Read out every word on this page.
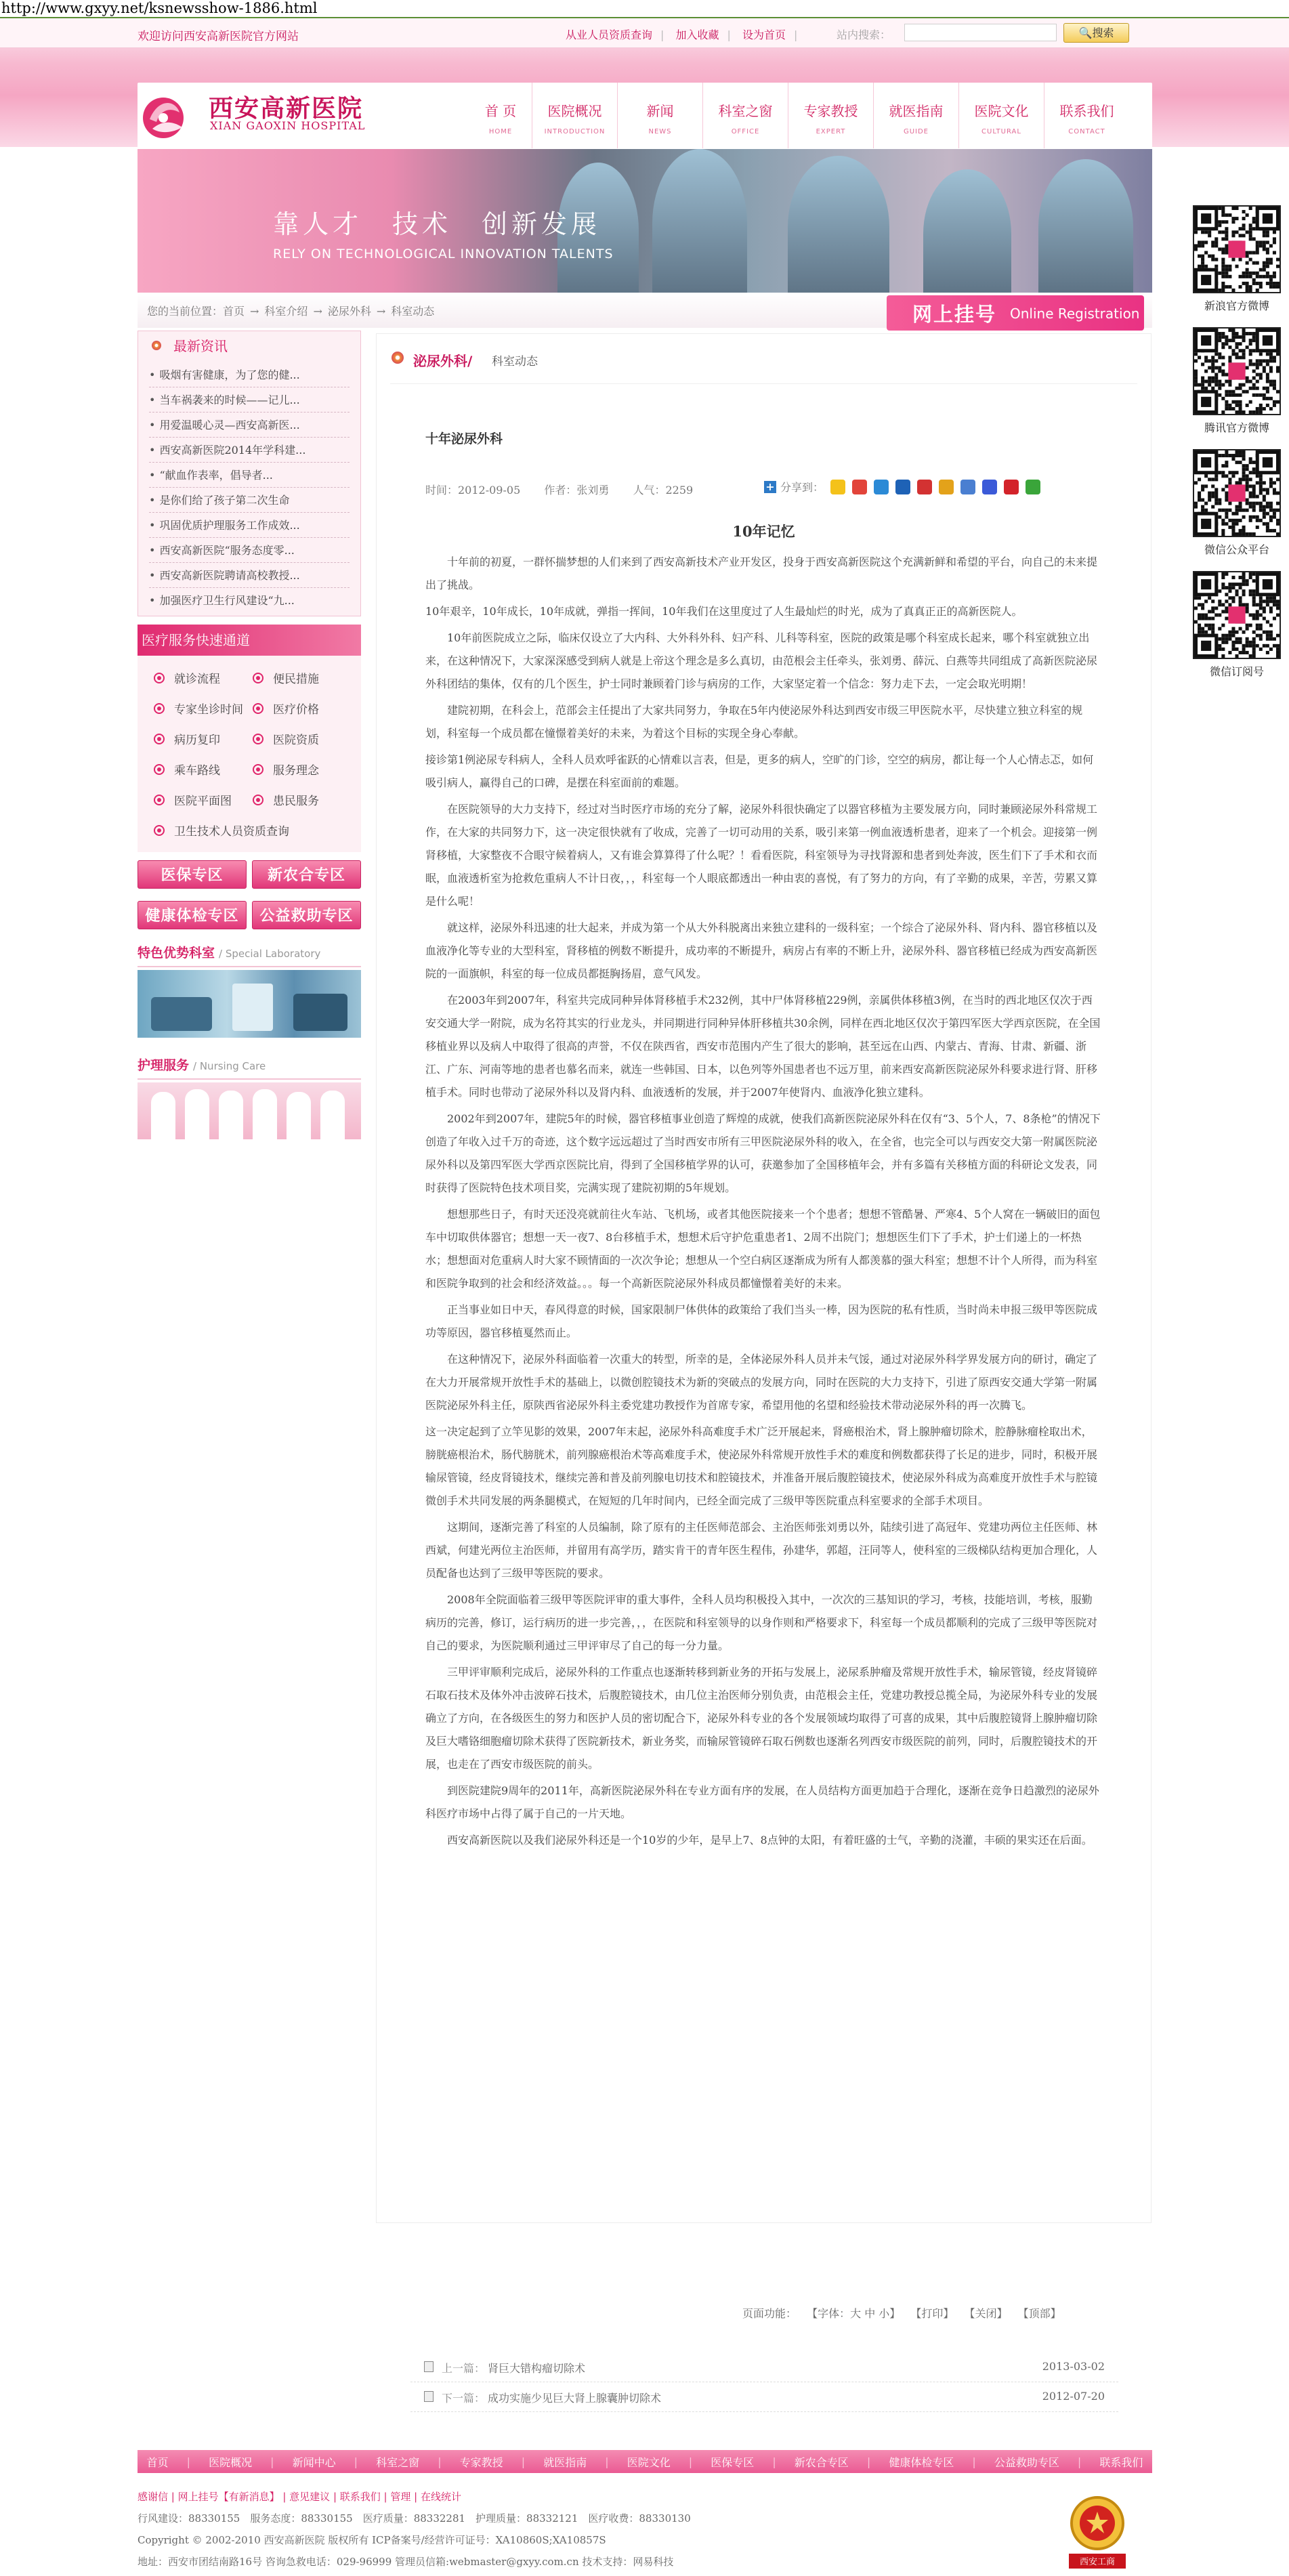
http://www.gxyy.net/ksnewsshow-1886.html
欢迎访问西安高新医院官方网站	从业人员资质查询 | 加入收藏 | 设为首页 |	站内搜索：	🔍搜索
西安高新医院
XIAN GAOXIN HOSPITAL
首 页
HOME
医院概况
INTRODUCTION
新闻
NEWS
科室之窗
OFFICE
专家教授
EXPERT
就医指南
GUIDE
医院文化
CULTURAL
联系我们
CONTACT
靠人才　技术　创新发展
RELY ON TECHNOLOGICAL INNOVATION TALENTS
您的当前位置：首页 → 科室介绍 → 泌尿外科 → 科室动态	网上挂号 Online Registration
最新资讯
• 吸烟有害健康，为了您的健...
• 当车祸袭来的时候——记儿...
• 用爱温暖心灵—西安高新医...
• 西安高新医院2014年学科建...
• “献血作表率，倡导者...
• 是你们给了孩子第二次生命
• 巩固优质护理服务工作成效...
• 西安高新医院“服务态度零...
• 西安高新医院聘请高校教授...
• 加强医疗卫生行风建设“九...
医疗服务快速通道
就诊流程	便民措施
专家坐诊时间	医疗价格
病历复印	医院资质
乘车路线	服务理念
医院平面图	患民服务
卫生技术人员资质查询
医保专区	新农合专区
健康体检专区	公益救助专区
特色优势科室 / Special Laboratory
护理服务 / Nursing Care
泌尿外科/ 科室动态
十年泌尿外科
时间：2012-09-05 作者：张刘勇 人气：2259	+ 分享到：
10年记忆

十年前的初夏，一群怀揣梦想的人们来到了西安高新技术产业开发区，投身于西安高新医院这个充满新鲜和希望的平台，向自己的未来提出了挑战。

10年艰辛，10年成长，10年成就，弹指一挥间，10年我们在这里度过了人生最灿烂的时光，成为了真真正正的高新医院人。

10年前医院成立之际，临床仅设立了大内科、大外科外科、妇产科、儿科等科室，医院的政策是哪个科室成长起来，哪个科室就独立出来，在这种情况下，大家深深感受到病人就是上帝这个理念是多么真切，由范根会主任牵头，张刘勇、薛沅、白燕等共同组成了高新医院泌尿外科团结的集体，仅有的几个医生，护士同时兼顾着门诊与病房的工作，大家坚定着一个信念：努力走下去，一定会取光明期！

建院初期，在科会上，范部会主任提出了大家共同努力，争取在5年内使泌尿外科达到西安市级三甲医院水平，尽快建立独立科室的规划，科室每一个成员都在憧憬着美好的未来，为着这个目标的实现全身心奉献。

接诊第1例泌尿专科病人，全科人员欢呼雀跃的心情难以言表，但是，更多的病人，空旷的门诊，空空的病房，都让每一个人心情忐忑，如何吸引病人，赢得自己的口碑，是摆在科室面前的难题。

在医院领导的大力支持下，经过对当时医疗市场的充分了解，泌尿外科很快确定了以器官移植为主要发展方向，同时兼顾泌尿外科常规工作，在大家的共同努力下，这一决定很快就有了收成，完善了一切可动用的关系，吸引来第一例血液透析患者，迎来了一个机会。迎接第一例肾移植，大家整夜不合眼守候着病人，又有谁会算算得了什么呢？！看看医院，科室领导为寻找肾源和患者到处奔波，医生们下了手术和衣而眠，血液透析室为抢救危重病人不计日夜，，，科室每一个人眼底都透出一种由衷的喜悦，有了努力的方向，有了辛勤的成果，辛苦，劳累又算是什么呢！

就这样，泌尿外科迅速的壮大起来，并成为第一个从大外科脱离出来独立建科的一级科室；一个综合了泌尿外科、肾内科、器官移植以及血液净化等专业的大型科室，肾移植的例数不断提升，成功率的不断提升，病房占有率的不断上升，泌尿外科、器官移植已经成为西安高新医院的一面旗帜，科室的每一位成员都挺胸扬眉，意气风发。

在2003年到2007年，科室共完成同种异体肾移植手术232例，其中尸体肾移植229例，亲属供体移植3例，在当时的西北地区仅次于西安交通大学一附院，成为名符其实的行业龙头，并同期进行同种异体肝移植共30余例，同样在西北地区仅次于第四军医大学西京医院，在全国移植业界以及病人中取得了很高的声誉，不仅在陕西省，西安市范围内产生了很大的影响，甚至远在山西、内蒙古、青海、甘肃、新疆、浙江、广东、河南等地的患者也慕名而来，就连一些韩国、日本，以色列等外国患者也不远万里，前来西安高新医院泌尿外科要求进行肾、肝移植手术。同时也带动了泌尿外科以及肾内科、血液透析的发展，并于2007年使肾内、血液净化独立建科。

2002年到2007年，建院5年的时候，器官移植事业创造了辉煌的成就，使我们高新医院泌尿外科在仅有“3、5个人，7、8条枪”的情况下创造了年收入过千万的奇迹，这个数字远远超过了当时西安市所有三甲医院泌尿外科的收入，在全省，也完全可以与西安交大第一附属医院泌尿外科以及第四军医大学西京医院比肩，得到了全国移植学界的认可，获邀参加了全国移植年会，并有多篇有关移植方面的科研论文发表，同时获得了医院特色技术项目奖，完满实现了建院初期的5年规划。

想想那些日子，有时天还没亮就前往火车站、飞机场，或者其他医院接来一个个患者；想想不管酷暑、严寒4、5个人窝在一辆破旧的面包车中切取供体器官；想想一天一夜7、8台移植手术，想想术后守护危重患者1、2周不出院门；想想医生们下了手术，护士们递上的一杯热水；想想面对危重病人时大家不顾情面的一次次争论；想想从一个空白病区逐渐成为所有人都羡慕的强大科室；想想不计个人所得，而为科室和医院争取到的社会和经济效益。。。每一个高新医院泌尿外科成员都憧憬着美好的未来。

正当事业如日中天，春风得意的时候，国家限制尸体供体的政策给了我们当头一棒，因为医院的私有性质，当时尚未申报三级甲等医院成功等原因，器官移植戛然而止。

在这种情况下，泌尿外科面临着一次重大的转型，所幸的是，全体泌尿外科人员并未气馁，通过对泌尿外科学界发展方向的研讨，确定了在大力开展常规开放性手术的基础上，以微创腔镜技术为新的突破点的发展方向，同时在医院的大力支持下，引进了原西安交通大学第一附属医院泌尿外科主任，原陕西省泌尿外科主委党建功教授作为首席专家，希望用他的名望和经验技术带动泌尿外科的再一次腾飞。

这一决定起到了立竿见影的效果，2007年末起，泌尿外科高难度手术广泛开展起来，肾癌根治术，肾上腺肿瘤切除术，腔静脉瘤栓取出术，膀胱癌根治术，肠代膀胱术，前列腺癌根治术等高难度手术，使泌尿外科常规开放性手术的难度和例数都获得了长足的进步，同时，积极开展输尿管镜，经皮肾镜技术，继续完善和普及前列腺电切技术和腔镜技术，并准备开展后腹腔镜技术，使泌尿外科成为高难度开放性手术与腔镜微创手术共同发展的两条腿模式，在短短的几年时间内，已经全面完成了三级甲等医院重点科室要求的全部手术项目。

这期间，逐渐完善了科室的人员编制，除了原有的主任医师范部会、主治医师张刘勇以外，陆续引进了高冠年、党建功两位主任医师、林西斌，何建光两位主治医师，并留用有高学历，踏实肯干的青年医生程伟，孙建华，郭超，汪同等人，使科室的三级梯队结构更加合理化，人员配备也达到了三级甲等医院的要求。

2008年全院面临着三级甲等医院评审的重大事件，全科人员均积极投入其中，一次次的三基知识的学习，考核，技能培训，考核，服勤病历的完善，修订，运行病历的进一步完善，，，在医院和科室领导的以身作则和严格要求下，科室每一个成员都顺利的完成了三级甲等医院对自己的要求，为医院顺利通过三甲评审尽了自己的每一分力量。

三甲评审顺利完成后，泌尿外科的工作重点也逐渐转移到新业务的开拓与发展上，泌尿系肿瘤及常规开放性手术，输尿管镜，经皮肾镜碎石取石技术及体外冲击波碎石技术，后腹腔镜技术，由几位主治医师分别负责，由范根会主任，党建功教授总揽全局，为泌尿外科专业的发展确立了方向，在各级医生的努力和医护人员的密切配合下，泌尿外科专业的各个发展领域均取得了可喜的成果，其中后腹腔镜肾上腺肿瘤切除及巨大嗜铬细胞瘤切除术获得了医院新技术，新业务奖，而输尿管镜碎石取石例数也逐渐名列西安市级医院的前列，同时，后腹腔镜技术的开展，也走在了西安市级医院的前头。

到医院建院9周年的2011年，高新医院泌尿外科在专业方面有序的发展，在人员结构方面更加趋于合理化，逐渐在竞争日趋激烈的泌尿外科医疗市场中占得了属于自己的一片天地。

西安高新医院以及我们泌尿外科还是一个10岁的少年，是早上7、8点钟的太阳，有着旺盛的士气，辛勤的浇灌，丰硕的果实还在后面。

页面功能： 【字体：大 中 小】 【打印】 【关闭】 【顶部】
上一篇： 肾巨大错构瘤切除术	2013-03-02
下一篇： 成功实施少见巨大肾上腺囊肿切除术	2012-07-20
新浪官方微博
腾讯官方微博
微信公众平台
微信订阅号
首页 | 医院概况 | 新闻中心 | 科室之窗 | 专家教授 | 就医指南 | 医院文化 | 医保专区 | 新农合专区 | 健康体检专区 | 公益救助专区 | 联系我们
感谢信 | 网上挂号【有新消息】 | 意见建议 | 联系我们 | 管理 | 在线统计
行风建设：88330155　服务态度：88330155　医疗质量：88332281　护理质量：88332121　医疗收费：88330130
Copyright © 2002-2010 西安高新医院 版权所有 ICP备案号/经营许可证号：XA10860S;XA10857S
地址：西安市团结南路16号 咨询急救电话：029-96999 管理员信箱:webmaster@gxyy.com.cn 技术支持：网易科技	西安工商
